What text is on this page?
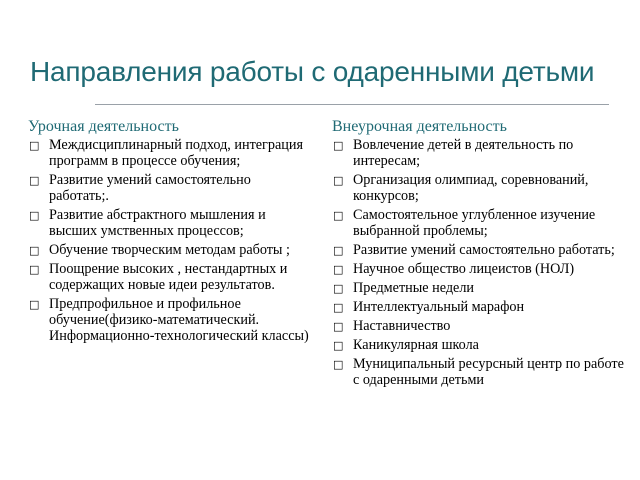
Направления работы с одаренными детьми
Урочная деятельность
□ Междисциплинарный подход, интеграция программ в процессе обучения;
□ Развитие умений самостоятельно работать;.
□ Развитие абстрактного мышления и высших умственных процессов;
□ Обучение творческим методам работы ;
□ Поощрение высоких , нестандартных и содержащих новые идеи результатов.
□ Предпрофильное и профильное обучение(физико-математический. Информационно-технологический классы)
Внеурочная деятельность
□ Вовлечение детей в деятельность по интересам;
□ Организация олимпиад, соревнований, конкурсов;
□ Самостоятельное углубленное изучение выбранной проблемы;
□ Развитие умений самостоятельно работать;
□ Научное общество лицеистов (НОЛ)
□ Предметные недели
□ Интеллектуальный марафон
□ Наставничество
□ Каникулярная школа
□ Муниципальный ресурсный центр по работе с одаренными детьми
